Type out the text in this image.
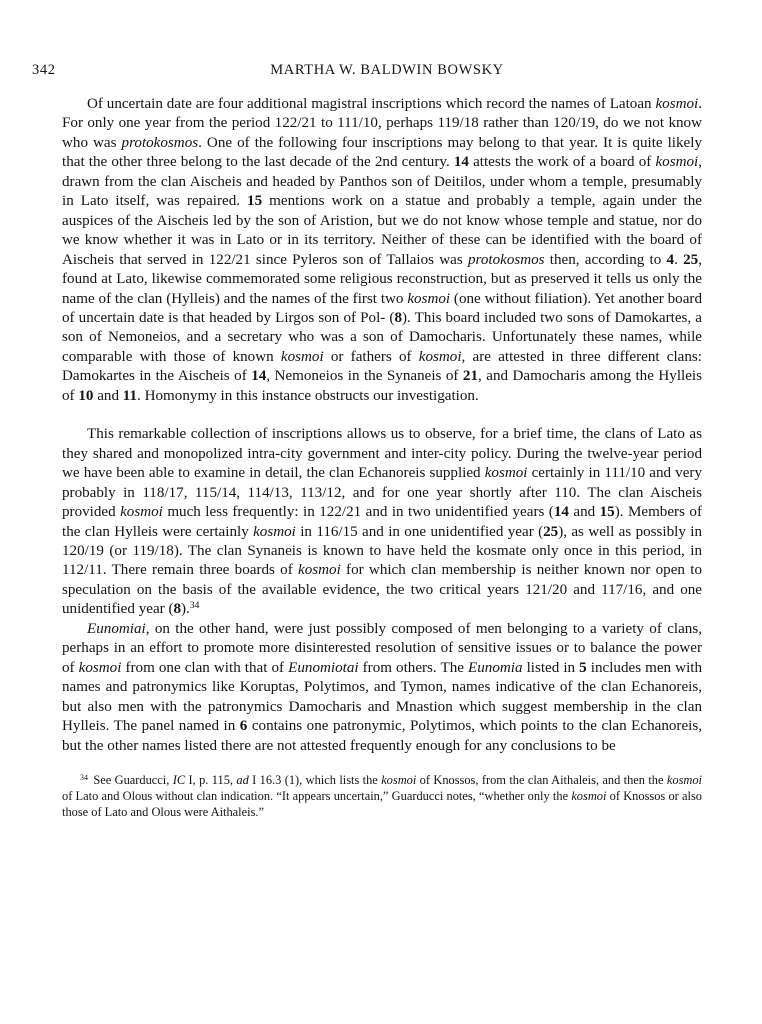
342	MARTHA W. BALDWIN BOWSKY

Of uncertain date are four additional magistral inscriptions which record the names of Latoan kosmoi. For only one year from the period 122/21 to 111/10, perhaps 119/18 rather than 120/19, do we not know who was protokosmos. One of the following four inscriptions may belong to that year. It is quite likely that the other three belong to the last decade of the 2nd century. 14 attests the work of a board of kosmoi, drawn from the clan Aischeis and headed by Panthos son of Deitilos, under whom a temple, presumably in Lato itself, was repaired. 15 mentions work on a statue and probably a temple, again under the auspices of the Aischeis led by the son of Aristion, but we do not know whose temple and statue, nor do we know whether it was in Lato or in its territory. Neither of these can be identified with the board of Aischeis that served in 122/21 since Pyleros son of Tallaios was protokosmos then, according to 4. 25, found at Lato, likewise commemorated some religious reconstruction, but as preserved it tells us only the name of the clan (Hylleis) and the names of the first two kosmoi (one without filiation). Yet another board of uncertain date is that headed by Lirgos son of Pol- (8). This board included two sons of Damokartes, a son of Nemoneios, and a secretary who was a son of Damocharis. Unfortunately these names, while comparable with those of known kosmoi or fathers of kosmoi, are attested in three different clans: Damokartes in the Aischeis of 14, Nemoneios in the Synaneis of 21, and Damocharis among the Hylleis of 10 and 11. Homonymy in this instance obstructs our investigation.

This remarkable collection of inscriptions allows us to observe, for a brief time, the clans of Lato as they shared and monopolized intra-city government and inter-city policy. During the twelve-year period we have been able to examine in detail, the clan Echanoreis supplied kosmoi certainly in 111/10 and very probably in 118/17, 115/14, 114/13, 113/12, and for one year shortly after 110. The clan Aischeis provided kosmoi much less frequently: in 122/21 and in two unidentified years (14 and 15). Members of the clan Hylleis were certainly kosmoi in 116/15 and in one unidentified year (25), as well as possibly in 120/19 (or 119/18). The clan Synaneis is known to have held the kosmate only once in this period, in 112/11. There remain three boards of kosmoi for which clan membership is neither known nor open to speculation on the basis of the available evidence, the two critical years 121/20 and 117/16, and one unidentified year (8).$^{34}$

Eunomiai, on the other hand, were just possibly composed of men belonging to a variety of clans, perhaps in an effort to promote more disinterested resolution of sensitive issues or to balance the power of kosmoi from one clan with that of Eunomiotai from others. The Eunomia listed in 5 includes men with names and patronymics like Koruptas, Polytimos, and Tymon, names indicative of the clan Echanoreis, but also men with the patronymics Damocharis and Mnastion which suggest membership in the clan Hylleis. The panel named in 6 contains one patronymic, Polytimos, which points to the clan Echanoreis, but the other names listed there are not attested frequently enough for any conclusions to be

$^{34}$ See Guarducci, IC I, p. 115, ad I 16.3 (1), which lists the kosmoi of Knossos, from the clan Aithaleis, and then the kosmoi of Lato and Olous without clan indication. “It appears uncertain,” Guarducci notes, “whether only the kosmoi of Knossos or also those of Lato and Olous were Aithaleis.”
